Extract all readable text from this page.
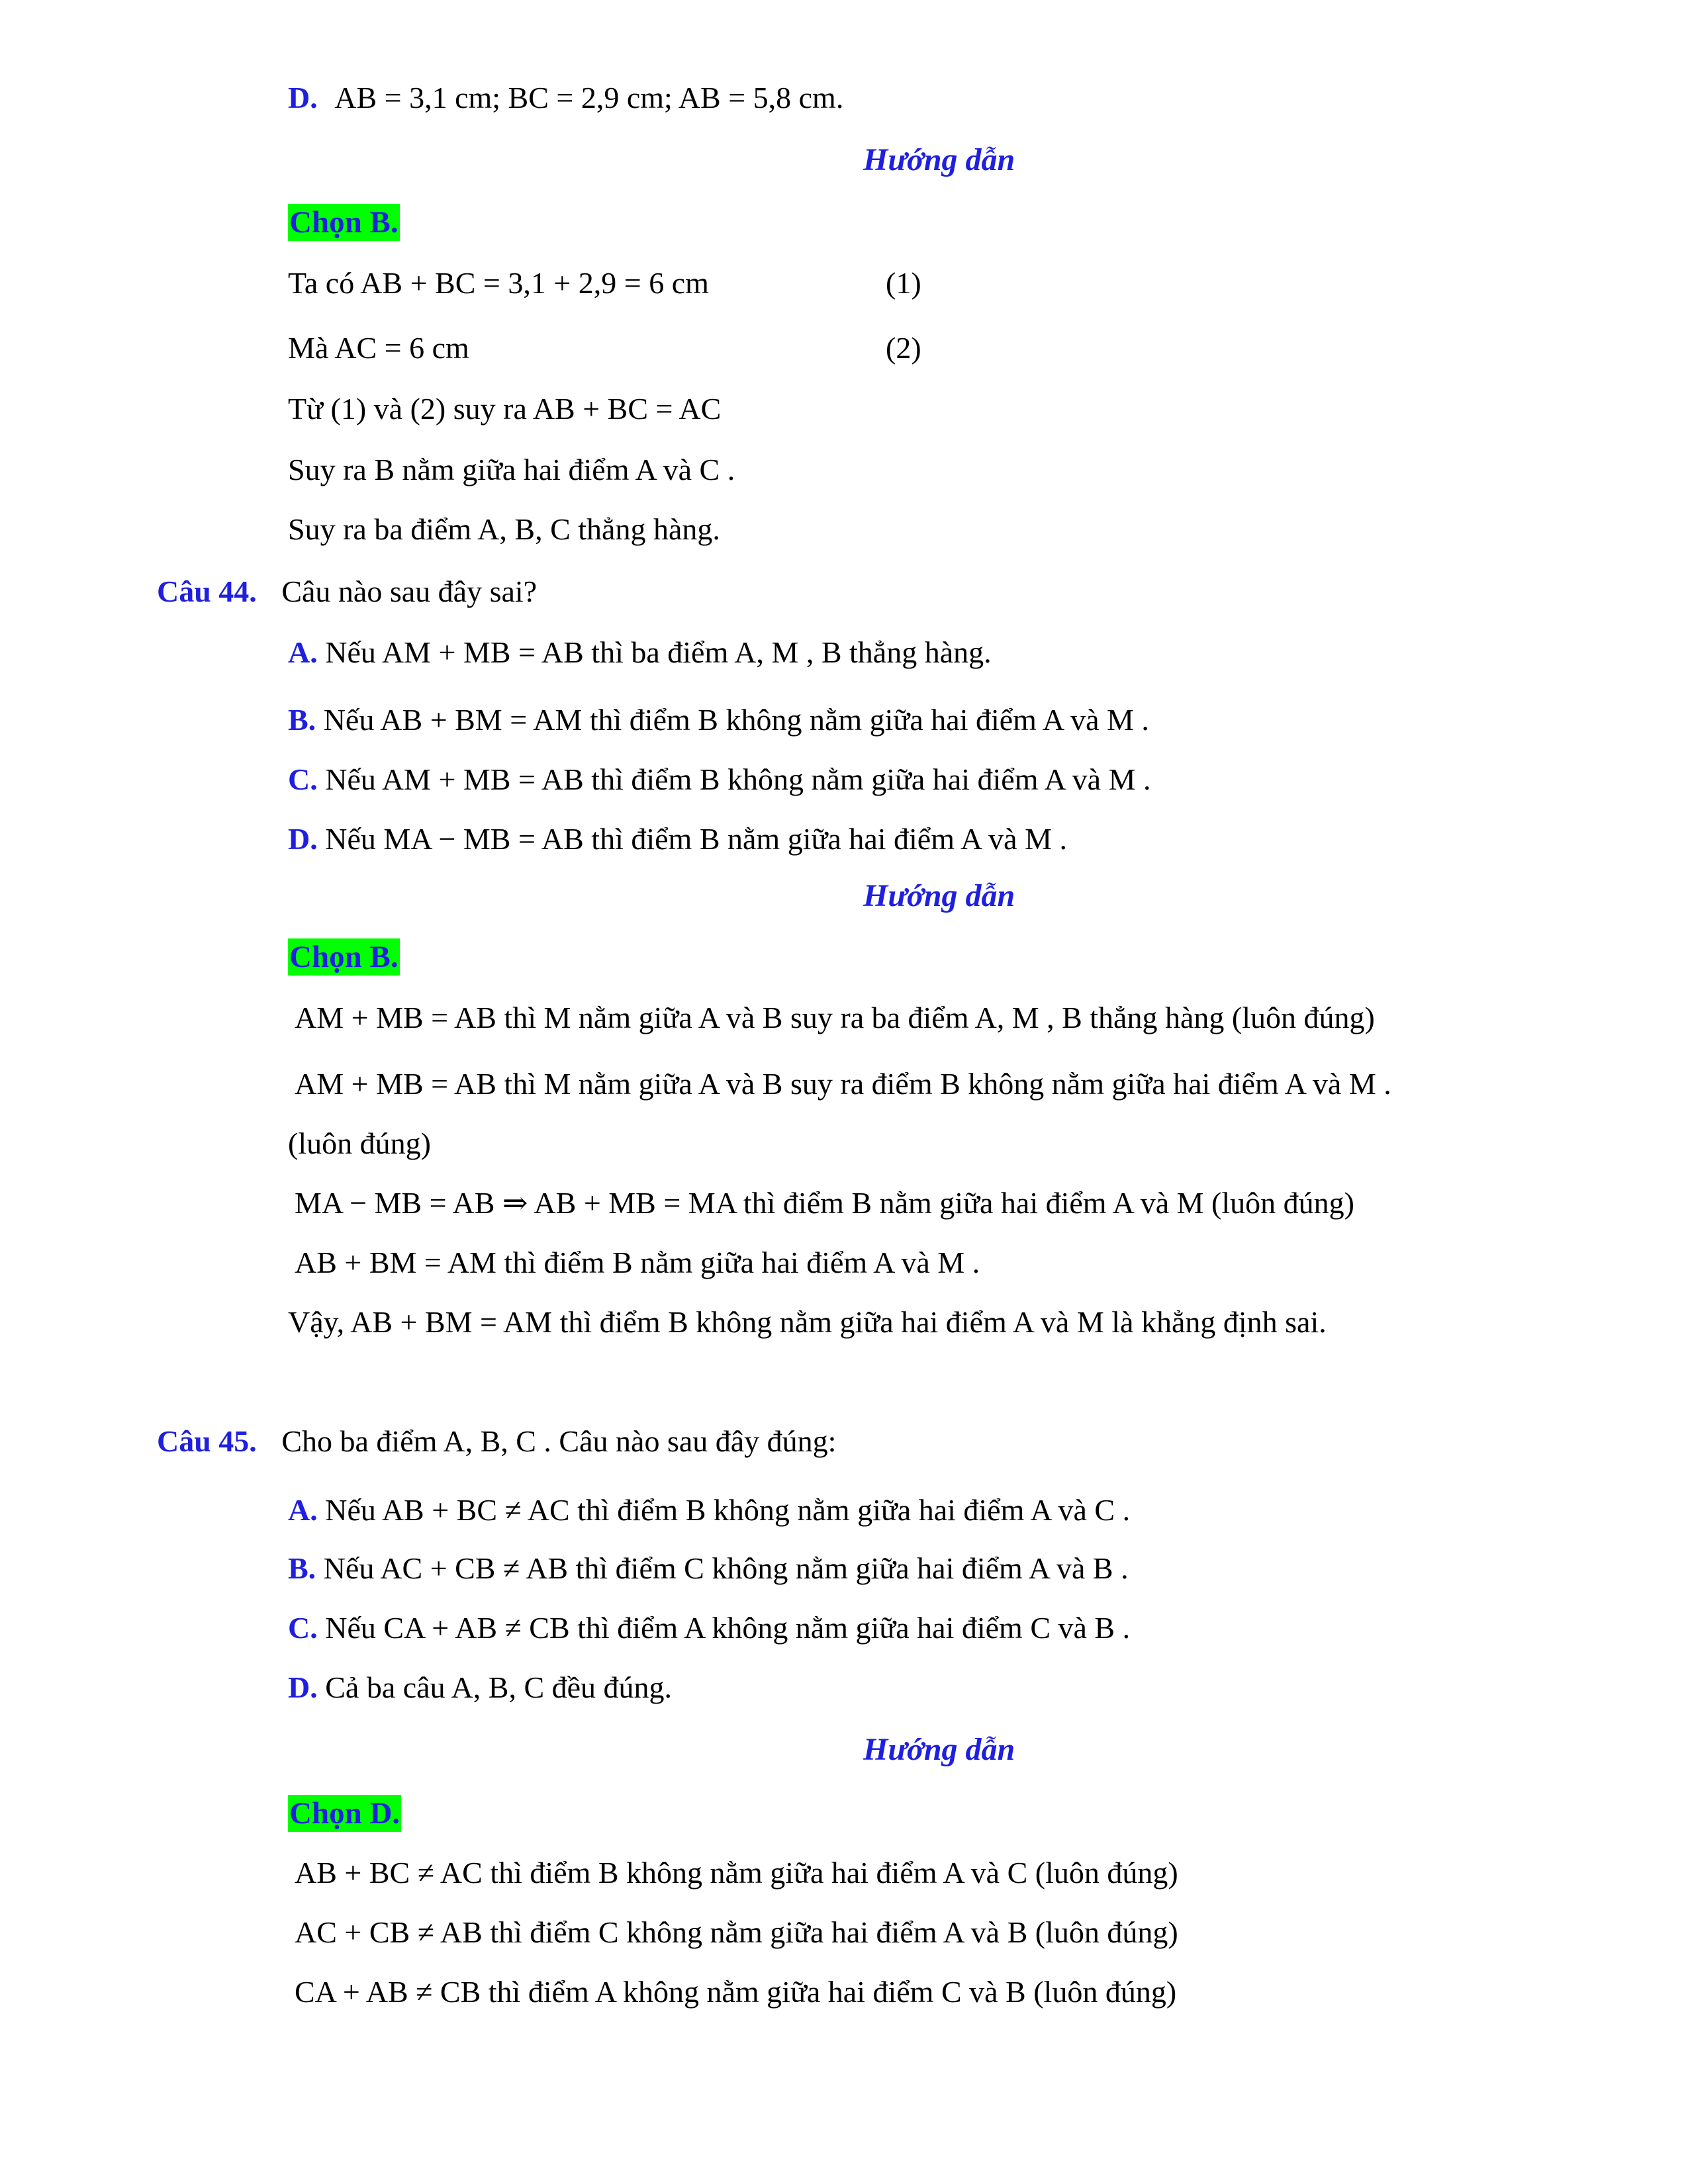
D. AB = 3,1 cm; BC = 2,9 cm; AB = 5,8 cm.
Hướng dẫn
Chọn B.
Ta có AB + BC = 3,1 + 2,9 = 6 cm	(1)
Mà AC = 6 cm	(2)
Từ (1) và (2) suy ra AB + BC = AC
Suy ra B nằm giữa hai điểm A và C .
Suy ra ba điểm A, B, C thẳng hàng.
Câu 44. Câu nào sau đây sai?
A. Nếu AM + MB = AB thì ba điểm A, M , B thẳng hàng.
B. Nếu AB + BM = AM thì điểm B không nằm giữa hai điểm A và M .
C. Nếu AM + MB = AB thì điểm B không nằm giữa hai điểm A và M .
D. Nếu MA − MB = AB thì điểm B nằm giữa hai điểm A và M .
Hướng dẫn
Chọn B.
AM + MB = AB thì M nằm giữa A và B suy ra ba điểm A, M , B thẳng hàng (luôn đúng)
AM + MB = AB thì M nằm giữa A và B suy ra điểm B không nằm giữa hai điểm A và M .
(luôn đúng)
MA − MB = AB ⇒ AB + MB = MA thì điểm B nằm giữa hai điểm A và M (luôn đúng)
AB + BM = AM thì điểm B nằm giữa hai điểm A và M .
Vậy, AB + BM = AM thì điểm B không nằm giữa hai điểm A và M là khẳng định sai.
Câu 45. Cho ba điểm A, B, C . Câu nào sau đây đúng:
A. Nếu AB + BC ≠ AC thì điểm B không nằm giữa hai điểm A và C .
B. Nếu AC + CB ≠ AB thì điểm C không nằm giữa hai điểm A và B .
C. Nếu CA + AB ≠ CB thì điểm A không nằm giữa hai điểm C và B .
D. Cả ba câu A, B, C đều đúng.
Hướng dẫn
Chọn D.
AB + BC ≠ AC thì điểm B không nằm giữa hai điểm A và C (luôn đúng)
AC + CB ≠ AB thì điểm C không nằm giữa hai điểm A và B (luôn đúng)
CA + AB ≠ CB thì điểm A không nằm giữa hai điểm C và B (luôn đúng)
